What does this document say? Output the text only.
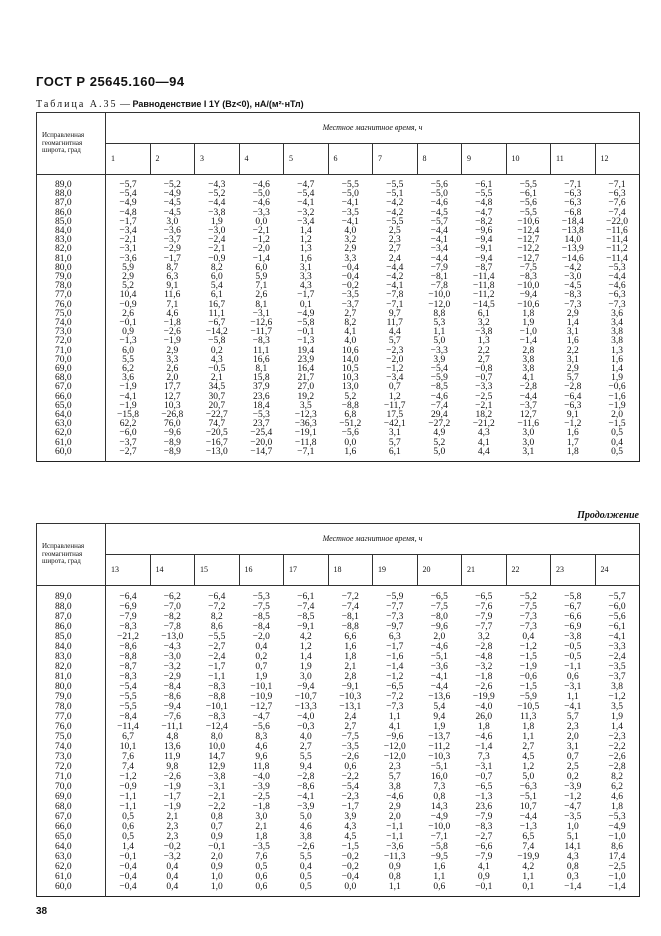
ГОСТ Р 25645.160—94
Таблица А.35 — Равноденствие I 1Y (Bz<0), нА/(м²·нТл)
Исправленная геомагнитная широта, град	Местное магнитное время, ч											
	1	2	3	4	5	6	7	8	9	10	11	12
89,0	−5,7	−5,2	−4,3	−4,6	−4,7	−5,5	−5,5	−5,6	−6,1	−5,5	−7,1	−7,1
88,0	−5,4	−4,9	−5,2	−5,0	−5,4	−5,0	−5,1	−5,0	−5,5	−6,1	−6,3	−6,3
87,0	−4,9	−4,5	−4,4	−4,6	−4,1	−4,1	−4,2	−4,6	−4,8	−5,6	−6,3	−7,6
86,0	−4,8	−4,5	−3,8	−3,3	−3,2	−3,5	−4,2	−4,5	−4,7	−5,5	−6,8	−7,4
85,0	−1,7	3,0	1,9	0,0	−3,4	−4,1	−5,5	−5,7	−8,2	−10,6	−18,4	−22,0
84,0	−3,4	−3,6	−3,0	−2,1	1,4	4,0	2,5	−4,4	−9,6	−12,4	−13,8	−11,6
83,0	−2,1	−3,7	−2,4	−1,2	1,2	3,2	2,3	−4,1	−9,4	−12,7	14,0	−11,4
82,0	−3,1	−2,9	−2,1	−2,0	1,3	2,9	2,7	−3,4	−9,1	−12,2	−13,9	−11,2
81,0	−3,6	−1,7	−0,9	−1,4	1,6	3,3	2,4	−4,4	−9,4	−12,7	−14,6	−11,4
80,0	5,9	8,7	8,2	6,0	3,1	−0,4	−4,4	−7,9	−8,7	−7,5	−4,2	−5,3
79,0	2,9	6,3	6,0	5,9	3,3	−0,4	−4,2	−8,1	−11,4	−8,3	−3,0	−4,4
78,0	5,2	9,1	5,4	7,1	4,3	−0,2	−4,1	−7,8	−11,8	−10,0	−4,5	−4,6
77,0	10,4	11,6	6,1	2,6	−1,7	−3,5	−7,8	−10,0	−11,2	−9,4	−8,3	−6,3
76,0	−0,9	7,1	16,7	8,1	0,1	−3,7	−7,1	−12,0	−14,5	−10,6	−7,3	−7,3
75,0	2,6	4,6	11,1	−3,1	−4,9	2,7	9,7	8,8	6,1	1,8	2,9	3,6
74,0	−0,1	−1,8	−6,7	−12,6	−5,8	8,2	11,7	5,3	3,2	1,9	1,4	3,4
73,0	0,9	−2,6	−14,2	−11,7	−0,1	4,1	4,4	1,1	−3,8	−1,0	3,1	3,8
72,0	−1,3	−1,9	−5,8	−8,3	−1,3	4,0	5,7	5,0	1,3	−1,4	1,6	3,8
71,0	6,0	2,9	0,2	11,1	19,4	10,6	−2,3	−3,3	2,2	2,8	2,2	1,3
70,0	5,5	3,3	4,3	16,6	23,9	14,0	−2,0	3,9	2,7	3,8	3,1	1,6
69,0	6,2	2,6	−0,5	8,1	16,4	10,5	−1,2	−5,4	−0,8	3,8	2,9	1,4
68,0	3,6	2,0	2,1	15,8	21,7	10,3	−3,4	−5,9	−0,7	4,1	5,7	1,9
67,0	−1,9	17,7	34,5	37,9	27,0	13,0	0,7	−8,5	−3,3	−2,8	−2,8	−0,6
66,0	−4,1	12,7	30,7	23,6	19,2	5,2	1,2	−4,6	−2,5	−4,4	−6,4	−1,6
65,0	−1,9	10,3	20,7	18,4	3,5	−8,8	−11,7	−7,4	−2,1	−3,7	−6,3	−1,9
64,0	−15,8	−26,8	−22,7	−5,3	−12,3	6,8	17,5	29,4	18,2	12,7	9,1	2,0
63,0	62,2	76,0	74,7	23,7	−36,3	−51,2	−42,1	−27,2	−21,2	−11,6	−1,2	−1,5
62,0	−6,0	−9,6	−20,5	−25,4	−19,1	−5,6	3,1	4,9	4,3	3,0	1,6	0,5
61,0	−3,7	−8,9	−16,7	−20,0	−11,8	0,0	5,7	5,2	4,1	3,0	1,7	0,4
60,0	−2,7	−8,9	−13,0	−14,7	−7,1	1,6	6,1	5,0	4,4	3,1	1,8	0,5
Продолжение
Исправленная геомагнитная широта, град	Местное магнитное время, ч											
	13	14	15	16	17	18	19	20	21	22	23	24
89,0	−6,4	−6,2	−6,4	−5,3	−6,1	−7,2	−5,9	−6,5	−6,5	−5,2	−5,8	−5,7
88,0	−6,9	−7,0	−7,2	−7,5	−7,4	−7,4	−7,7	−7,5	−7,6	−7,5	−6,7	−6,0
87,0	−7,9	−8,2	8,2	−8,5	−8,5	−8,1	−7,3	−8,0	−7,9	−7,3	−6,6	−5,6
86,0	−8,3	−7,8	8,6	−8,4	−9,1	−8,8	−9,7	−9,6	−7,7	−7,3	−6,9	−6,1
85,0	−21,2	−13,0	−5,5	−2,0	4,2	6,6	6,3	2,0	3,2	0,4	−3,8	−4,1
84,0	−8,6	−4,3	−2,7	0,4	1,2	1,6	−1,7	−4,6	−2,8	−1,2	−0,5	−3,3
83,0	−8,8	−3,0	−2,4	0,2	1,4	1,8	−1,6	−5,1	−4,8	−1,5	−0,5	−2,4
82,0	−8,7	−3,2	−1,7	0,7	1,9	2,1	−1,4	−3,6	−3,2	−1,9	−1,1	−3,5
81,0	−8,3	−2,9	−1,1	1,9	3,0	2,8	−1,2	−4,1	−1,8	−0,6	0,6	−3,7
80,0	−5,4	−8,4	−8,3	−10,1	−9,4	−9,1	−6,5	−4,4	−2,6	−1,5	−3,1	3,8
79,0	−5,5	−8,6	−8,8	−10,9	−10,7	−10,3	−7,2	−13,6	−19,9	−5,9	1,1	−1,2
78,0	−5,5	−9,4	−10,1	−12,7	−13,3	−13,1	−7,3	5,4	−4,0	−10,5	−4,1	3,5
77,0	−8,4	−7,6	−8,3	−4,7	−4,0	2,4	1,1	9,4	26,0	11,3	5,7	1,9
76,0	−11,4	−11,1	−12,4	−5,6	−0,3	2,7	4,1	1,9	1,8	1,8	2,3	1,4
75,0	6,7	4,8	8,0	8,3	4,0	−7,5	−9,6	−13,7	−4,6	1,1	2,0	−2,3
74,0	10,1	13,6	10,0	4,6	2,7	−3,5	−12,0	−11,2	−1,4	2,7	3,1	−2,2
73,0	7,6	11,9	14,7	9,6	5,5	−2,6	−12,0	−10,3	7,3	4,5	0,7	−2,6
72,0	7,4	9,8	12,9	11,8	9,4	0,6	2,3	−5,1	−3,1	1,2	2,5	−2,8
71,0	−1,2	−2,6	−3,8	−4,0	−2,8	−2,2	5,7	16,0	−0,7	5,0	0,2	8,2
70,0	−0,9	−1,9	−3,1	−3,9	−8,6	−5,4	3,8	7,3	−6,5	−6,3	−3,9	6,2
69,0	−1,1	−1,7	−2,1	−2,5	−4,1	−2,3	−4,6	0,8	−1,3	−5,1	−1,2	4,6
68,0	−1,1	−1,9	−2,2	−1,8	−3,9	−1,7	2,9	14,3	23,6	10,7	−4,7	1,8
67,0	0,5	2,1	0,8	3,0	5,0	3,9	2,0	−4,9	−7,9	−4,4	−3,5	−5,3
66,0	0,6	2,3	0,7	2,1	4,6	4,3	−1,1	−10,0	−8,3	−1,3	1,0	−4,9
65,0	0,5	2,3	0,9	1,8	3,8	4,5	−1,1	−7,1	−2,7	6,5	5,1	−1,0
64,0	1,4	−0,2	−0,1	−3,5	−2,6	−1,5	−3,6	−5,8	−6,6	7,4	14,1	8,6
63,0	−0,1	−3,2	2,0	7,6	5,5	−0,2	−11,3	−9,5	−7,9	−19,9	4,3	17,4
62,0	−0,4	0,4	0,9	0,5	0,4	−0,2	0,9	1,6	4,1	4,2	0,8	−2,5
61,0	−0,4	0,4	1,0	0,6	0,5	−0,4	0,8	1,1	0,9	1,1	0,3	−1,0
60,0	−0,4	0,4	1,0	0,6	0,5	0,0	1,1	0,6	−0,1	0,1	−1,4	−1,4
38
